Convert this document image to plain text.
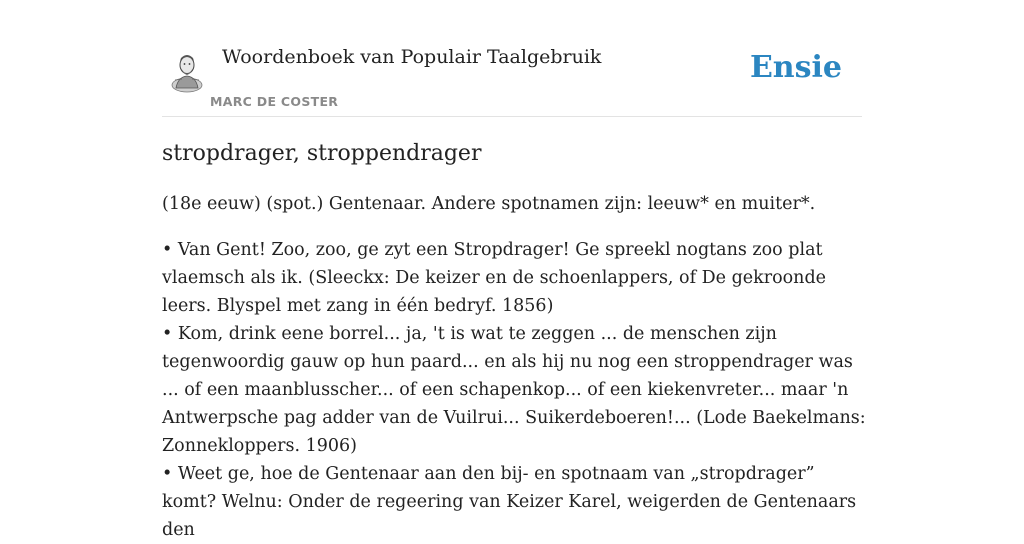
Woordenboek van Populair Taalgebruik
MARC DE COSTER
Ensie
stropdrager, stroppendrager

(18e eeuw) (spot.) Gentenaar. Andere spotnamen zijn: leeuw* en muiter*.

• Van Gent! Zoo, zoo, ge zyt een Stropdrager! Ge spreekl nogtans zoo plat vlaemsch als ik. (Sleeckx: De keizer en de schoenlappers, of De gekroonde leers. Blyspel met zang in één bedryf. 1856)

• Kom, drink eene borrel... ja, 't is wat te zeggen ... de menschen zijn tegenwoordig gauw op hun paard... en als hij nu nog een stroppendrager was ... of een maanblusscher... of een schapenkop... of een kiekenvreter... maar 'n Antwerpsche pag adder van de Vuilrui... Suikerdeboeren!... (Lode Baekelmans: Zonnekloppers. 1906)

• Weet ge, hoe de Gentenaar aan den bij- en spotnaam van „stropdrager” komt? Welnu: Onder de regeering van Keizer Karel, weigerden de Gentenaars den
